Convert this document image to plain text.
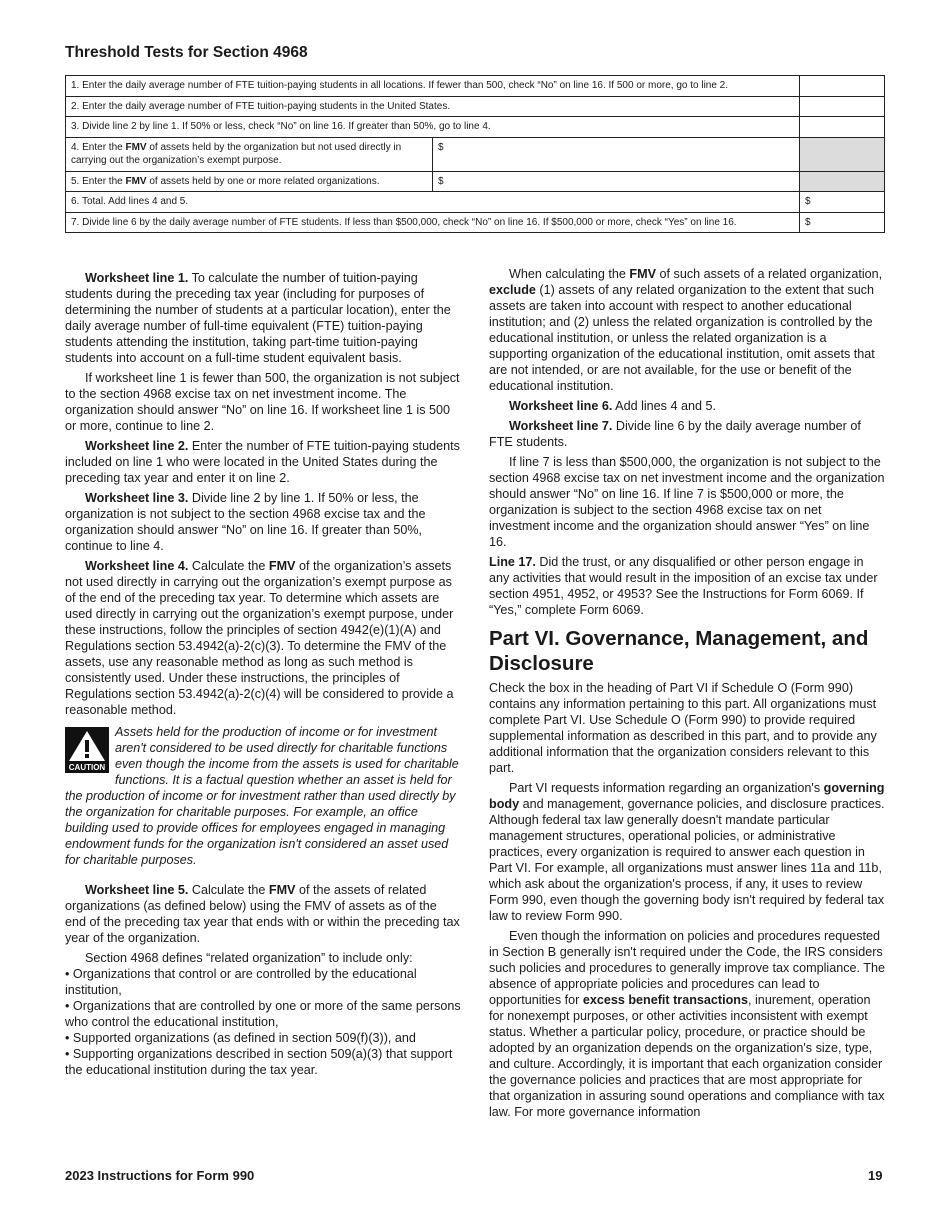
Threshold Tests for Section 4968
1. Enter the daily average number of FTE tuition-paying students in all locations. If fewer than 500, check “No” on line 16. If 500 or more, go to line 2.		
2. Enter the daily average number of FTE tuition-paying students in the United States.		
3. Divide line 2 by line 1. If 50% or less, check “No” on line 16. If greater than 50%, go to line 4.		
4. Enter the FMV of assets held by the organization but not used directly in carrying out the organization’s exempt purpose.	$	
5. Enter the FMV of assets held by one or more related organizations.	$	
6. Total. Add lines 4 and 5.		$
7. Divide line 6 by the daily average number of FTE students. If less than $500,000, check “No” on line 16. If $500,000 or more, check “Yes” on line 16.		$

Worksheet line 1. To calculate the number of tuition-paying students during the preceding tax year (including for purposes of determining the number of students at a particular location), enter the daily average number of full-time equivalent (FTE) tuition-paying students attending the institution, taking part-time tuition-paying students into account on a full-time student equivalent basis.

If worksheet line 1 is fewer than 500, the organization is not subject to the section 4968 excise tax on net investment income. The organization should answer “No” on line 16. If worksheet line 1 is 500 or more, continue to line 2.

Worksheet line 2. Enter the number of FTE tuition-paying students included on line 1 who were located in the United States during the preceding tax year and enter it on line 2.

Worksheet line 3. Divide line 2 by line 1. If 50% or less, the organization is not subject to the section 4968 excise tax and the organization should answer “No” on line 16. If greater than 50%, continue to line 4.

Worksheet line 4. Calculate the FMV of the organization’s assets not used directly in carrying out the organization’s exempt purpose as of the end of the preceding tax year. To determine which assets are used directly in carrying out the organization’s exempt purpose, under these instructions, follow the principles of section 4942(e)(1)(A) and Regulations section 53.4942(a)-2(c)(3). To determine the FMV of the assets, use any reasonable method as long as such method is consistently used. Under these instructions, the principles of Regulations section 53.4942(a)-2(c)(4) will be considered to provide a reasonable method.

CAUTION
Assets held for the production of income or for investment aren't considered to be used directly for charitable functions even though the income from the assets is used for charitable functions. It is a factual question whether an asset is held for the production of income or for investment rather than used directly by the organization for charitable purposes. For example, an office building used to provide offices for employees engaged in managing endowment funds for the organization isn't considered an asset used for charitable purposes.

Worksheet line 5. Calculate the FMV of the assets of related organizations (as defined below) using the FMV of assets as of the end of the preceding tax year that ends with or within the preceding tax year of the organization.

Section 4968 defines “related organization” to include only:

• Organizations that control or are controlled by the educational institution,

• Organizations that are controlled by one or more of the same persons who control the educational institution,

• Supported organizations (as defined in section 509(f)(3)), and

• Supporting organizations described in section 509(a)(3) that support the educational institution during the tax year.

When calculating the FMV of such assets of a related organization, exclude (1) assets of any related organization to the extent that such assets are taken into account with respect to another educational institution; and (2) unless the related organization is controlled by the educational institution, or unless the related organization is a supporting organization of the educational institution, omit assets that are not intended, or are not available, for the use or benefit of the educational institution.

Worksheet line 6. Add lines 4 and 5.

Worksheet line 7. Divide line 6 by the daily average number of FTE students.

If line 7 is less than $500,000, the organization is not subject to the section 4968 excise tax on net investment income and the organization should answer “No” on line 16. If line 7 is $500,000 or more, the organization is subject to the section 4968 excise tax on net investment income and the organization should answer “Yes” on line 16.

Line 17. Did the trust, or any disqualified or other person engage in any activities that would result in the imposition of an excise tax under section 4951, 4952, or 4953? See the Instructions for Form 6069. If “Yes,” complete Form 6069.

Part VI. Governance, Management, and Disclosure

Check the box in the heading of Part VI if Schedule O (Form 990) contains any information pertaining to this part. All organizations must complete Part VI. Use Schedule O (Form 990) to provide required supplemental information as described in this part, and to provide any additional information that the organization considers relevant to this part.

Part VI requests information regarding an organization's governing body and management, governance policies, and disclosure practices. Although federal tax law generally doesn't mandate particular management structures, operational policies, or administrative practices, every organization is required to answer each question in Part VI. For example, all organizations must answer lines 11a and 11b, which ask about the organization's process, if any, it uses to review Form 990, even though the governing body isn't required by federal tax law to review Form 990.

Even though the information on policies and procedures requested in Section B generally isn't required under the Code, the IRS considers such policies and procedures to generally improve tax compliance. The absence of appropriate policies and procedures can lead to opportunities for excess benefit transactions, inurement, operation for nonexempt purposes, or other activities inconsistent with exempt status. Whether a particular policy, procedure, or practice should be adopted by an organization depends on the organization's size, type, and culture. Accordingly, it is important that each organization consider the governance policies and practices that are most appropriate for that organization in assuring sound operations and compliance with tax law. For more governance information

2023 Instructions for Form 990	19
